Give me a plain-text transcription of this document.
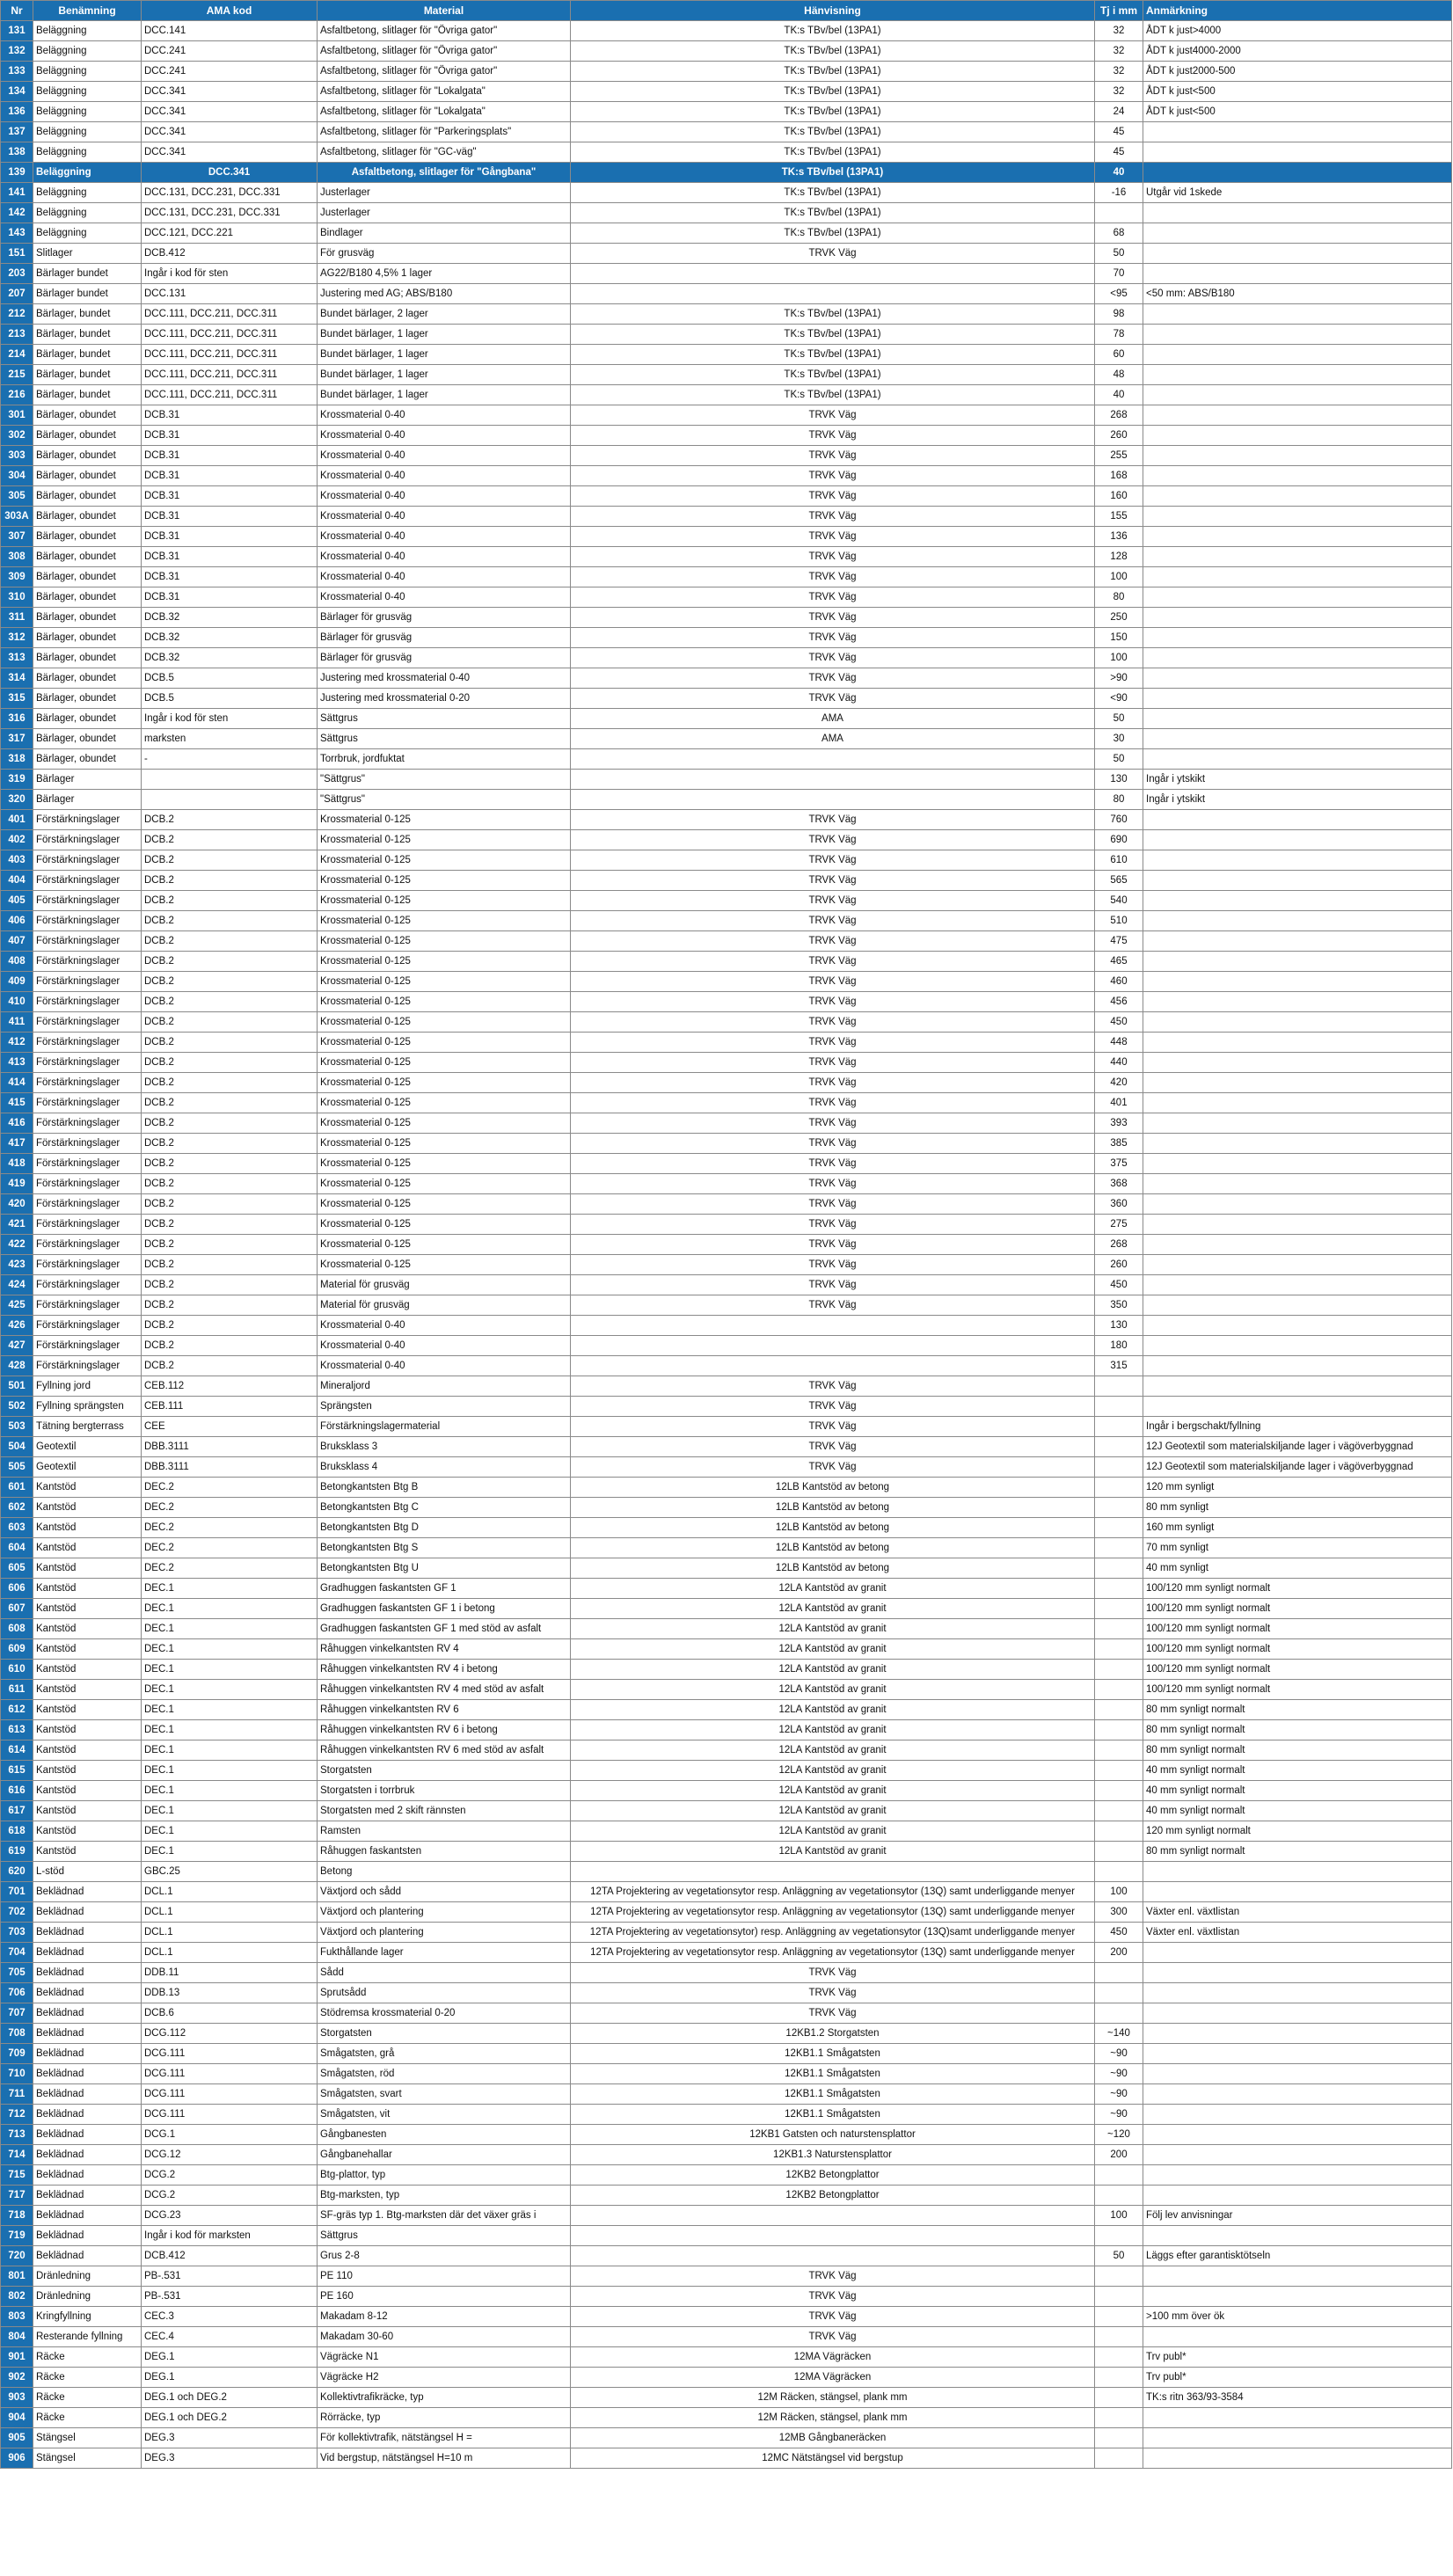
Nr	Benämning	AMA kod	Material	Hänvisning	Tj i mm	Anmärkning
131	Beläggning	DCC.141	Asfaltbetong, slitlager för "Övriga gator"	TK:s TBv/bel (13PA1)	32	ÅDT k just>4000
132	Beläggning	DCC.241	Asfaltbetong, slitlager för "Övriga gator"	TK:s TBv/bel (13PA1)	32	ÅDT k just4000-2000
133	Beläggning	DCC.241	Asfaltbetong, slitlager för "Övriga gator"	TK:s TBv/bel (13PA1)	32	ÅDT k just2000-500
134	Beläggning	DCC.341	Asfaltbetong, slitlager för "Lokalgata"	TK:s TBv/bel (13PA1)	32	ÅDT k just<500
136	Beläggning	DCC.341	Asfaltbetong, slitlager för "Lokalgata"	TK:s TBv/bel (13PA1)	24	ÅDT k just<500
137	Beläggning	DCC.341	Asfaltbetong, slitlager för "Parkeringsplats"	TK:s TBv/bel (13PA1)	45	
138	Beläggning	DCC.341	Asfaltbetong, slitlager för "GC-väg"	TK:s TBv/bel (13PA1)	45	
139	Beläggning	DCC.341	Asfaltbetong, slitlager för "Gångbana"	TK:s TBv/bel (13PA1)	40	
141	Beläggning	DCC.131, DCC.231, DCC.331	Justerlager	TK:s TBv/bel (13PA1)	-16	Utgår vid 1skede
142	Beläggning	DCC.131, DCC.231, DCC.331	Justerlager	TK:s TBv/bel (13PA1)		
143	Beläggning	DCC.121, DCC.221	Bindlager	TK:s TBv/bel (13PA1)	68	
151	Slitlager	DCB.412	För grusväg	TRVK Väg	50	
203	Bärlager bundet	Ingår i kod för sten	AG22/B180 4,5% 1 lager		70	
207	Bärlager bundet	DCC.131	Justering med AG; ABS/B180		<95	<50 mm: ABS/B180
212	Bärlager, bundet	DCC.111, DCC.211, DCC.311	Bundet bärlager, 2 lager	TK:s TBv/bel (13PA1)	98	
213	Bärlager, bundet	DCC.111, DCC.211, DCC.311	Bundet bärlager, 1 lager	TK:s TBv/bel (13PA1)	78	
214	Bärlager, bundet	DCC.111, DCC.211, DCC.311	Bundet bärlager, 1 lager	TK:s TBv/bel (13PA1)	60	
215	Bärlager, bundet	DCC.111, DCC.211, DCC.311	Bundet bärlager, 1 lager	TK:s TBv/bel (13PA1)	48	
216	Bärlager, bundet	DCC.111, DCC.211, DCC.311	Bundet bärlager, 1 lager	TK:s TBv/bel (13PA1)	40	
301	Bärlager, obundet	DCB.31	Krossmaterial 0-40	TRVK Väg	268	
302	Bärlager, obundet	DCB.31	Krossmaterial 0-40	TRVK Väg	260	
303	Bärlager, obundet	DCB.31	Krossmaterial 0-40	TRVK Väg	255	
304	Bärlager, obundet	DCB.31	Krossmaterial 0-40	TRVK Väg	168	
305	Bärlager, obundet	DCB.31	Krossmaterial 0-40	TRVK Väg	160	
303A	Bärlager, obundet	DCB.31	Krossmaterial 0-40	TRVK Väg	155	
307	Bärlager, obundet	DCB.31	Krossmaterial 0-40	TRVK Väg	136	
308	Bärlager, obundet	DCB.31	Krossmaterial 0-40	TRVK Väg	128	
309	Bärlager, obundet	DCB.31	Krossmaterial 0-40	TRVK Väg	100	
310	Bärlager, obundet	DCB.31	Krossmaterial 0-40	TRVK Väg	80	
311	Bärlager, obundet	DCB.32	Bärlager för grusväg	TRVK Väg	250	
312	Bärlager, obundet	DCB.32	Bärlager för grusväg	TRVK Väg	150	
313	Bärlager, obundet	DCB.32	Bärlager för grusväg	TRVK Väg	100	
314	Bärlager, obundet	DCB.5	Justering med krossmaterial 0-40	TRVK Väg	>90	
315	Bärlager, obundet	DCB.5	Justering med krossmaterial 0-20	TRVK Väg	<90	
316	Bärlager, obundet	Ingår i kod för sten	Sättgrus	AMA	50	
317	Bärlager, obundet	marksten	Sättgrus	AMA	30	
318	Bärlager, obundet	-	Torrbruk, jordfuktat		50	
319	Bärlager		"Sättgrus"		130	Ingår i ytskikt
320	Bärlager		"Sättgrus"		80	Ingår i ytskikt
401	Förstärkningslager	DCB.2	Krossmaterial 0-125	TRVK Väg	760	
402	Förstärkningslager	DCB.2	Krossmaterial 0-125	TRVK Väg	690	
403	Förstärkningslager	DCB.2	Krossmaterial 0-125	TRVK Väg	610	
404	Förstärkningslager	DCB.2	Krossmaterial 0-125	TRVK Väg	565	
405	Förstärkningslager	DCB.2	Krossmaterial 0-125	TRVK Väg	540	
406	Förstärkningslager	DCB.2	Krossmaterial 0-125	TRVK Väg	510	
407	Förstärkningslager	DCB.2	Krossmaterial 0-125	TRVK Väg	475	
408	Förstärkningslager	DCB.2	Krossmaterial 0-125	TRVK Väg	465	
409	Förstärkningslager	DCB.2	Krossmaterial 0-125	TRVK Väg	460	
410	Förstärkningslager	DCB.2	Krossmaterial 0-125	TRVK Väg	456	
411	Förstärkningslager	DCB.2	Krossmaterial 0-125	TRVK Väg	450	
412	Förstärkningslager	DCB.2	Krossmaterial 0-125	TRVK Väg	448	
413	Förstärkningslager	DCB.2	Krossmaterial 0-125	TRVK Väg	440	
414	Förstärkningslager	DCB.2	Krossmaterial 0-125	TRVK Väg	420	
415	Förstärkningslager	DCB.2	Krossmaterial 0-125	TRVK Väg	401	
416	Förstärkningslager	DCB.2	Krossmaterial 0-125	TRVK Väg	393	
417	Förstärkningslager	DCB.2	Krossmaterial 0-125	TRVK Väg	385	
418	Förstärkningslager	DCB.2	Krossmaterial 0-125	TRVK Väg	375	
419	Förstärkningslager	DCB.2	Krossmaterial 0-125	TRVK Väg	368	
420	Förstärkningslager	DCB.2	Krossmaterial 0-125	TRVK Väg	360	
421	Förstärkningslager	DCB.2	Krossmaterial 0-125	TRVK Väg	275	
422	Förstärkningslager	DCB.2	Krossmaterial 0-125	TRVK Väg	268	
423	Förstärkningslager	DCB.2	Krossmaterial 0-125	TRVK Väg	260	
424	Förstärkningslager	DCB.2	Material för grusväg	TRVK Väg	450	
425	Förstärkningslager	DCB.2	Material för grusväg	TRVK Väg	350	
426	Förstärkningslager	DCB.2	Krossmaterial 0-40		130	
427	Förstärkningslager	DCB.2	Krossmaterial 0-40		180	
428	Förstärkningslager	DCB.2	Krossmaterial 0-40		315	
501	Fyllning jord	CEB.112	Mineraljord	TRVK Väg		
502	Fyllning sprängsten	CEB.111	Sprängsten	TRVK Väg		
503	Tätning bergterrass	CEE	Förstärkningslagermaterial	TRVK Väg		Ingår i bergschakt/fyllning
504	Geotextil	DBB.3111	Bruksklass 3	TRVK Väg		12J Geotextil som materialskiljande lager i vägöverbyggnad
505	Geotextil	DBB.3111	Bruksklass 4	TRVK Väg		12J Geotextil som materialskiljande lager i vägöverbyggnad
601	Kantstöd	DEC.2	Betongkantsten Btg B	12LB Kantstöd av betong		120 mm synligt
602	Kantstöd	DEC.2	Betongkantsten Btg C	12LB Kantstöd av betong		80 mm synligt
603	Kantstöd	DEC.2	Betongkantsten Btg D	12LB Kantstöd av betong		160 mm synligt
604	Kantstöd	DEC.2	Betongkantsten Btg S	12LB Kantstöd av betong		70 mm synligt
605	Kantstöd	DEC.2	Betongkantsten Btg U	12LB Kantstöd av betong		40 mm synligt
606	Kantstöd	DEC.1	Gradhuggen faskantsten GF 1	12LA Kantstöd av granit		100/120 mm synligt normalt
607	Kantstöd	DEC.1	Gradhuggen faskantsten GF 1 i betong	12LA Kantstöd av granit		100/120 mm synligt normalt
608	Kantstöd	DEC.1	Gradhuggen faskantsten GF 1 med stöd av asfalt	12LA Kantstöd av granit		100/120 mm synligt normalt
609	Kantstöd	DEC.1	Råhuggen vinkelkantsten RV 4	12LA Kantstöd av granit		100/120 mm synligt normalt
610	Kantstöd	DEC.1	Råhuggen vinkelkantsten RV 4 i betong	12LA Kantstöd av granit		100/120 mm synligt normalt
611	Kantstöd	DEC.1	Råhuggen vinkelkantsten RV 4 med stöd av asfalt	12LA Kantstöd av granit		100/120 mm synligt normalt
612	Kantstöd	DEC.1	Råhuggen vinkelkantsten RV 6	12LA Kantstöd av granit		80 mm synligt normalt
613	Kantstöd	DEC.1	Råhuggen vinkelkantsten RV 6 i betong	12LA Kantstöd av granit		80 mm synligt normalt
614	Kantstöd	DEC.1	Råhuggen vinkelkantsten RV 6 med stöd av asfalt	12LA Kantstöd av granit		80 mm synligt normalt
615	Kantstöd	DEC.1	Storgatsten	12LA Kantstöd av granit		40 mm synligt normalt
616	Kantstöd	DEC.1	Storgatsten i torrbruk	12LA Kantstöd av granit		40 mm synligt normalt
617	Kantstöd	DEC.1	Storgatsten med 2 skift rännsten	12LA Kantstöd av granit		40 mm synligt normalt
618	Kantstöd	DEC.1	Ramsten	12LA Kantstöd av granit		120 mm synligt normalt
619	Kantstöd	DEC.1	Råhuggen faskantsten	12LA Kantstöd av granit		80 mm synligt normalt
620	L-stöd	GBC.25	Betong			
701	Beklädnad	DCL.1	Växtjord och sådd	12TA Projektering av vegetationsytor resp. Anläggning av vegetationsytor (13Q) samt underliggande menyer	100	
702	Beklädnad	DCL.1	Växtjord och plantering	12TA Projektering av vegetationsytor resp. Anläggning av vegetationsytor (13Q) samt underliggande menyer	300	Växter enl. växtlistan
703	Beklädnad	DCL.1	Växtjord och plantering	12TA Projektering av vegetationsytor) resp. Anläggning av vegetationsytor (13Q)samt underliggande menyer	450	Växter enl. växtlistan
704	Beklädnad	DCL.1	Fukthållande lager	12TA Projektering av vegetationsytor resp. Anläggning av vegetationsytor (13Q) samt underliggande menyer	200	
705	Beklädnad	DDB.11	Sådd	TRVK Väg		
706	Beklädnad	DDB.13	Sprutsådd	TRVK Väg		
707	Beklädnad	DCB.6	Stödremsa krossmaterial 0-20	TRVK Väg		
708	Beklädnad	DCG.112	Storgatsten	12KB1.2 Storgatsten	~140	
709	Beklädnad	DCG.111	Smågatsten, grå	12KB1.1 Smågatsten	~90	
710	Beklädnad	DCG.111	Smågatsten, röd	12KB1.1 Smågatsten	~90	
711	Beklädnad	DCG.111	Smågatsten, svart	12KB1.1 Smågatsten	~90	
712	Beklädnad	DCG.111	Smågatsten, vit	12KB1.1 Smågatsten	~90	
713	Beklädnad	DCG.1	Gångbanesten	12KB1 Gatsten och naturstensplattor	~120	
714	Beklädnad	DCG.12	Gångbanehallar	12KB1.3 Naturstensplattor	200	
715	Beklädnad	DCG.2	Btg-plattor, typ	12KB2 Betongplattor		
717	Beklädnad	DCG.2	Btg-marksten, typ	12KB2 Betongplattor		
718	Beklädnad	DCG.23	SF-gräs typ 1. Btg-marksten där det växer gräs i		100	Följ lev anvisningar
719	Beklädnad	Ingår i kod för marksten	Sättgrus			
720	Beklädnad	DCB.412	Grus 2-8		50	Läggs efter garantisktötseln
801	Dränledning	PB-.531	PE 110	TRVK Väg		
802	Dränledning	PB-.531	PE 160	TRVK Väg		
803	Kringfyllning	CEC.3	Makadam 8-12	TRVK Väg		>100 mm över ök
804	Resterande fyllning	CEC.4	Makadam 30-60	TRVK Väg		
901	Räcke	DEG.1	Vägräcke N1	12MA Vägräcken		Trv publ*
902	Räcke	DEG.1	Vägräcke H2	12MA Vägräcken		Trv publ*
903	Räcke	DEG.1 och DEG.2	Kollektivtrafikräcke, typ	12M Räcken, stängsel, plank mm		TK:s ritn 363/93-3584
904	Räcke	DEG.1 och DEG.2	Rörräcke, typ	12M Räcken, stängsel, plank mm		
905	Stängsel	DEG.3	För kollektivtrafik, nätstängsel H =	12MB Gångbaneräcken		
906	Stängsel	DEG.3	Vid bergstup, nätstängsel H=10 m	12MC Nätstängsel vid bergstup		
